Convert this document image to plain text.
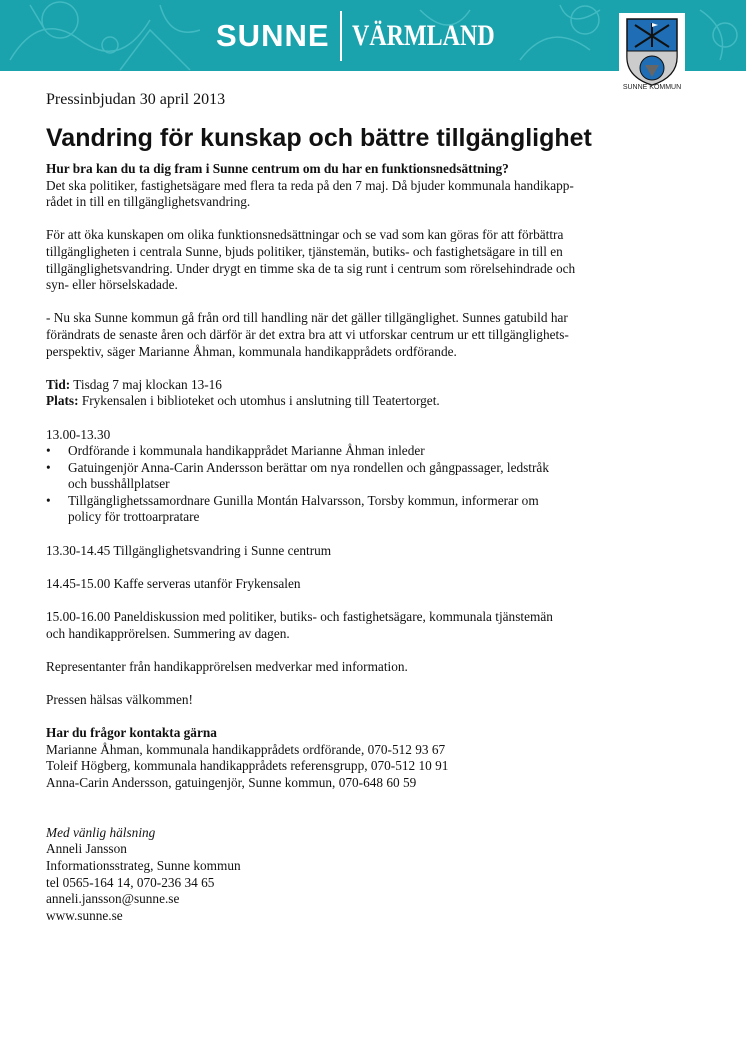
SUNNE VÄRMLAND
SUNNE KOMMUN
Pressinbjudan 30 april 2013
Vandring för kunskap och bättre tillgänglighet
Hur bra kan du ta dig fram i Sunne centrum om du har en funktionsnedsättning?
Det ska politiker, fastighetsägare med flera ta reda på den 7 maj. Då bjuder kommunala handikapp-
rådet in till en tillgänglighetsvandring.
För att öka kunskapen om olika funktionsnedsättningar och se vad som kan göras för att förbättra
tillgängligheten i centrala Sunne, bjuds politiker, tjänstemän, butiks- och fastighetsägare in till en
tillgänglighetsvandring. Under drygt en timme ska de ta sig runt i centrum som rörelsehindrade och
syn- eller hörselskadade.
- Nu ska Sunne kommun gå från ord till handling när det gäller tillgänglighet. Sunnes gatubild har
förändrats de senaste åren och därför är det extra bra att vi utforskar centrum ur ett tillgänglighets-
perspektiv, säger Marianne Åhman, kommunala handikapprådets ordförande.
Tid: Tisdag 7 maj klockan 13-16
Plats: Frykensalen i biblioteket och utomhus i anslutning till Teatertorget.
13.00-13.30
• Ordförande i kommunala handikapprådet Marianne Åhman inleder
• Gatuingenjör Anna-Carin Andersson berättar om nya rondellen och gångpassager, ledstråk
och busshållplatser
• Tillgänglighetssamordnare Gunilla Montán Halvarsson, Torsby kommun, informerar om
policy för trottoarpratare
13.30-14.45 Tillgänglighetsvandring i Sunne centrum
14.45-15.00 Kaffe serveras utanför Frykensalen
15.00-16.00 Paneldiskussion med politiker, butiks- och fastighetsägare, kommunala tjänstemän
och handikapprörelsen. Summering av dagen.
Representanter från handikapprörelsen medverkar med information.
Pressen hälsas välkommen!
Har du frågor kontakta gärna
Marianne Åhman, kommunala handikapprådets ordförande, 070-512 93 67
Toleif Högberg, kommunala handikapprådets referensgrupp, 070-512 10 91
Anna-Carin Andersson, gatuingenjör, Sunne kommun, 070-648 60 59
Med vänlig hälsning
Anneli Jansson
Informationsstrateg, Sunne kommun
tel 0565-164 14, 070-236 34 65
anneli.jansson@sunne.se
www.sunne.se
